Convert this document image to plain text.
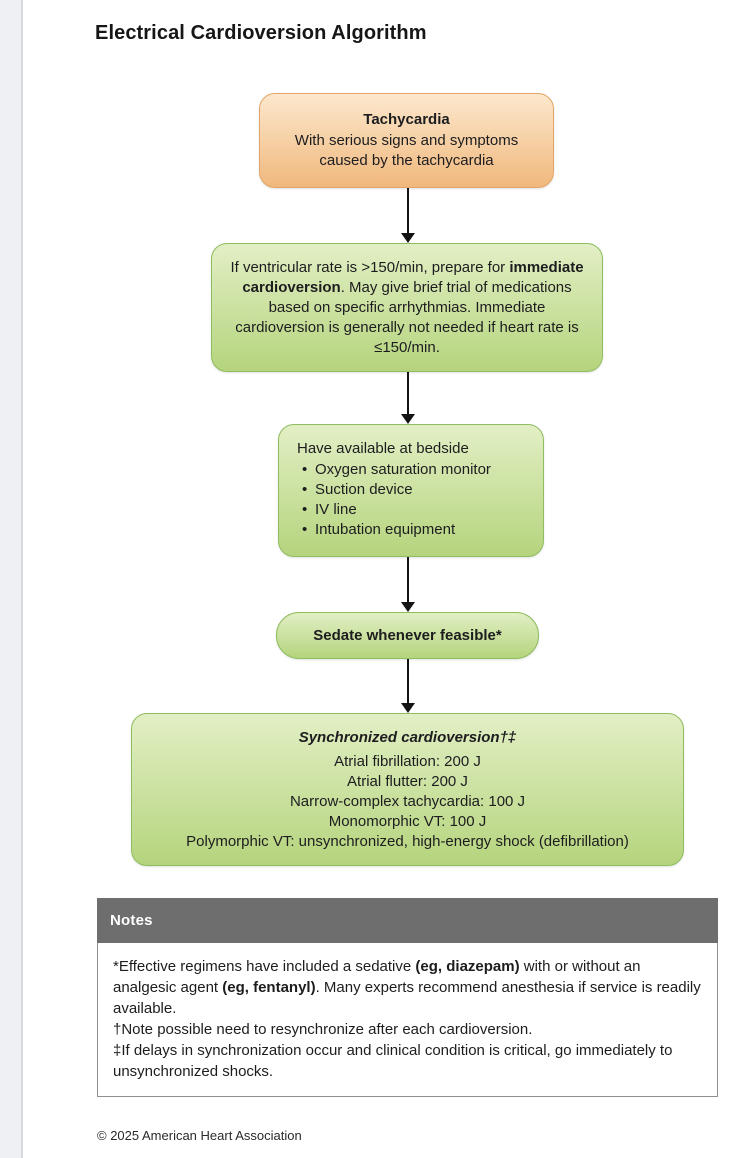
Electrical Cardioversion Algorithm
Tachycardia
With serious signs and symptoms caused by the tachycardia
If ventricular rate is >150/min, prepare for immediate cardioversion. May give brief trial of medications based on specific arrhythmias. Immediate cardioversion is generally not needed if heart rate is ≤150/min.
Have available at bedside
• Oxygen saturation monitor
• Suction device
• IV line
• Intubation equipment
Sedate whenever feasible*
Synchronized cardioversion†‡
Atrial fibrillation: 200 J
Atrial flutter: 200 J
Narrow-complex tachycardia: 100 J
Monomorphic VT: 100 J
Polymorphic VT: unsynchronized, high-energy shock (defibrillation)
Notes

*Effective regimens have included a sedative (eg, diazepam) with or without an analgesic agent (eg, fentanyl). Many experts recommend anesthesia if service is readily available.

†Note possible need to resynchronize after each cardioversion.

‡If delays in synchronization occur and clinical condition is critical, go immediately to unsynchronized shocks.

© 2025 American Heart Association
